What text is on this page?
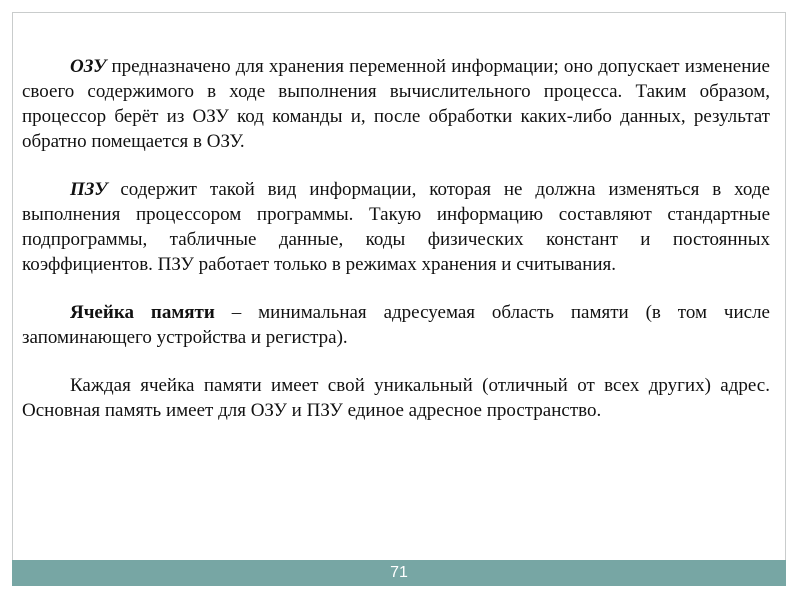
ОЗУ предназначено для хранения переменной информации; оно допускает изменение своего содержимого в ходе выполнения вычислительного процесса. Таким образом, процессор берёт из ОЗУ код команды и, после обработки каких-либо данных, результат обратно помещается в ОЗУ.

ПЗУ содержит такой вид информации, которая не должна изменяться в ходе выполнения процессором программы. Такую информацию составляют стандартные подпрограммы, табличные данные, коды физических констант и постоянных коэффициентов. ПЗУ работает только в режимах хранения и считывания.

Ячейка памяти – минимальная адресуемая область памяти (в том числе запоминающего устройства и регистра).

Каждая ячейка памяти имеет свой уникальный (отличный от всех других) адрес. Основная память имеет для ОЗУ и ПЗУ единое адресное пространство.

71
